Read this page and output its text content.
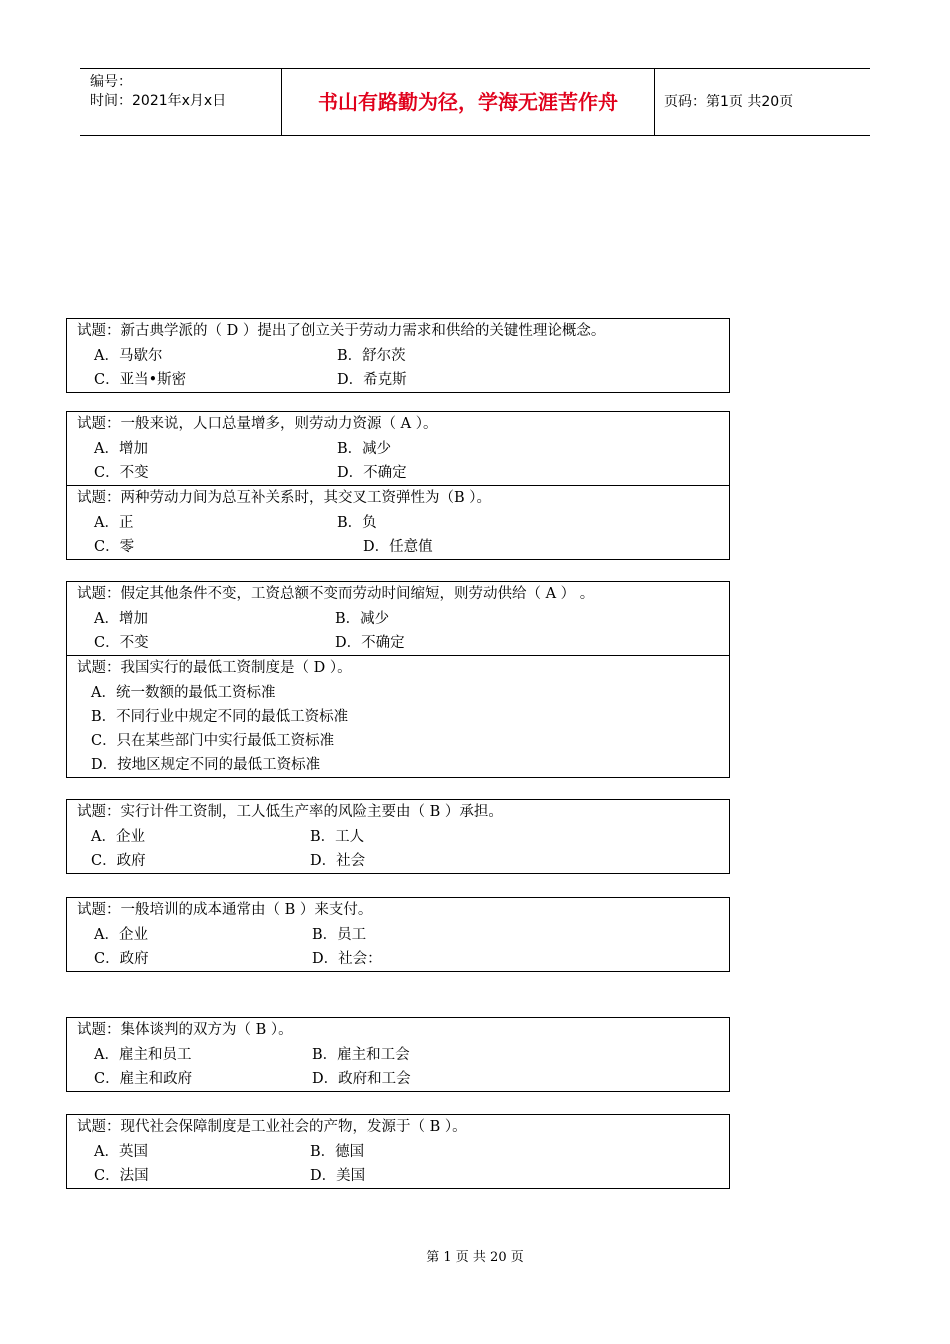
编号：
时间：2021年x月x日	书山有路勤为径，学海无涯苦作舟	页码：第1页 共20页
试题：新古典学派的（ D ）提出了创立关于劳动力需求和供给的关键性理论概念。
A．马歇尔	B．舒尔茨
C．亚当•斯密	D．希克斯
试题：一般来说，人口总量增多，则劳动力资源（ A ）。
A．增加	B．减少
C．不变	D．不确定
试题：两种劳动力间为总互补关系时，其交叉工资弹性为（B ）。
A．正	B．负
C．零	D．任意值
试题：假定其他条件不变，工资总额不变而劳动时间缩短，则劳动供给（ A ） 。
A．增加	B．减少
C．不变	D．不确定
试题：我国实行的最低工资制度是（ D ）。
A．统一数额的最低工资标准
B．不同行业中规定不同的最低工资标准
C．只在某些部门中实行最低工资标准
D．按地区规定不同的最低工资标准
试题：实行计件工资制，工人低生产率的风险主要由（ B ）承担。
A．企业	B．工人
C．政府	D．社会
试题：一般培训的成本通常由（ B ）来支付。
A．企业	B．员工
C．政府	D．社会：
试题：集体谈判的双方为（ B ）。
A．雇主和员工	B．雇主和工会
C．雇主和政府	D．政府和工会
试题：现代社会保障制度是工业社会的产物，发源于（ B ）。
A．英国	B．德国
C．法国	D．美国
第 1 页 共 20 页
